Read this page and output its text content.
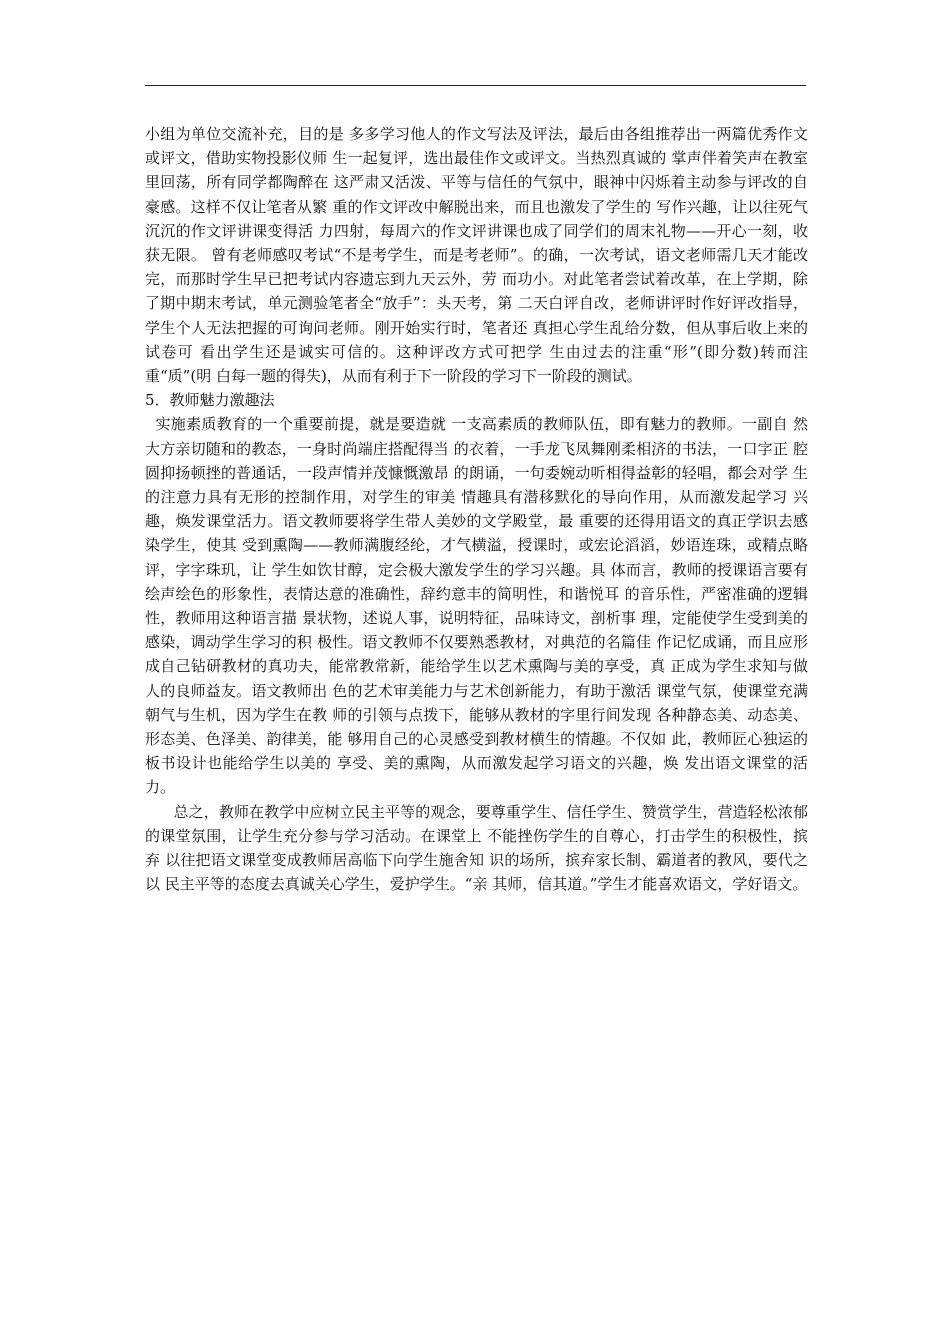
小组为单位交流补充，目的是 多多学习他人的作文写法及评法，最后由各组推荐出一两篇优秀作文或评文，借助实物投影仪师 生一起复评，选出最佳作文或评文。当热烈真诚的 掌声伴着笑声在教室里回荡，所有同学都陶醉在 这严肃又活泼、平等与信任的气氛中，眼神中闪烁着主动参与评改的自豪感。这样不仅让笔者从繁 重的作文评改中解脱出来，而且也激发了学生的 写作兴趣，让以往死气沉沉的作文评讲课变得活 力四射，每周六的作文评讲课也成了同学们的周末礼物——开心一刻，收获无限。 曾有老师感叹考试“不是考学生，而是考老师”。的确，一次考试，语文老师需几天才能改完，而那时学生早已把考试内容遗忘到九天云外，劳 而功小。对此笔者尝试着改革，在上学期，除了期中期末考试，单元测验笔者全“放手”：头天考，第 二天白评自改，老师讲评时作好评改指导，学生个人无法把握的可询问老师。刚开始实行时，笔者还 真担心学生乱给分数，但从事后收上来的试卷可 看出学生还是诚实可信的。这种评改方式可把学 生由过去的注重“形”(即分数)转而注重“质”(明 白每一题的得失)，从而有利于下一阶段的学习下一阶段的测试。

5．教师魅力激趣法

实施素质教育的一个重要前提，就是要造就 一支高素质的教师队伍，即有魅力的教师。一副自 然大方亲切随和的教态，一身时尚端庄搭配得当 的衣着，一手龙飞凤舞刚柔相济的书法，一口字正 腔圆抑扬顿挫的普通话，一段声情并茂慷慨激昂 的朗诵，一句委婉动听相得益彰的轻唱，都会对学 生的注意力具有无形的控制作用，对学生的审美 情趣具有潜移默化的导向作用，从而激发起学习 兴趣，焕发课堂活力。语文教师要将学生带人美妙的文学殿堂，最 重要的还得用语文的真正学识去感染学生，使其 受到熏陶——教师满腹经纶，才气横溢，授课时，或宏论滔滔，妙语连珠，或精点略评，字字珠玑，让 学生如饮甘醇，定会极大激发学生的学习兴趣。具 体而言，教师的授课语言要有绘声绘色的形象性，表情达意的准确性，辞约意丰的简明性，和谐悦耳 的音乐性，严密准确的逻辑性，教师用这种语言描 景状物，述说人事，说明特征，品味诗文，剖析事 理，定能使学生受到美的感染，调动学生学习的积 极性。语文教师不仅要熟悉教材，对典范的名篇佳 作记忆成诵，而且应形成自己钻研教材的真功夫，能常教常新，能给学生以艺术熏陶与美的享受，真 正成为学生求知与做人的良师益友。语文教师出 色的艺术审美能力与艺术创新能力，有助于激活 课堂气氛，使课堂充满朝气与生机，因为学生在教 师的引领与点拨下，能够从教材的字里行间发现 各种静态美、动态美、形态美、色泽美、韵律美，能 够用自己的心灵感受到教材横生的情趣。不仅如 此，教师匠心独运的板书设计也能给学生以美的 享受、美的熏陶，从而激发起学习语文的兴趣，焕 发出语文课堂的活力。

总之，教师在教学中应树立民主平等的观念，要尊重学生、信任学生、赞赏学生，营造轻松浓郁 的课堂氛围，让学生充分参与学习活动。在课堂上 不能挫伤学生的自尊心，打击学生的积极性，摈弃 以往把语文课堂变成教师居高临下向学生施舍知 识的场所，摈弃家长制、霸道者的教风，要代之以 民主平等的态度去真诚关心学生，爱护学生。“亲 其师，信其道。”学生才能喜欢语文，学好语文。
